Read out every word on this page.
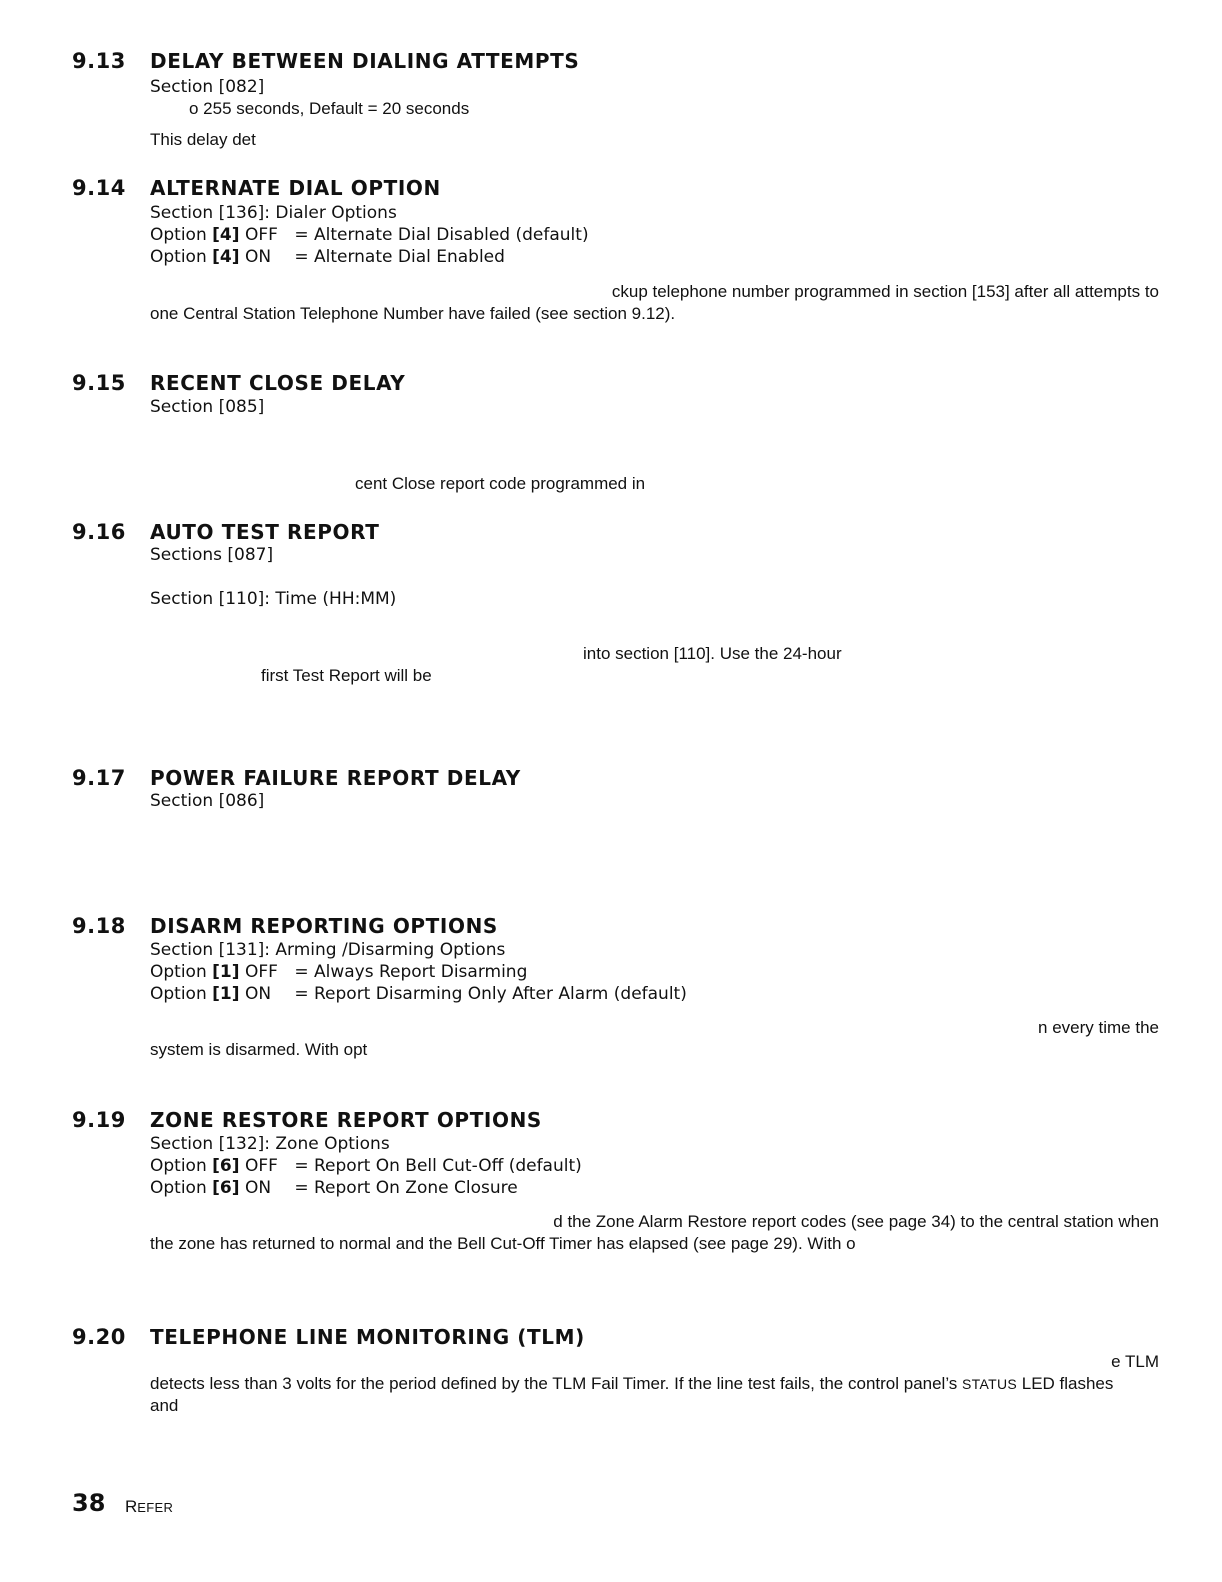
9.13 DELAY BETWEEN DIALING ATTEMPTS
Section [082]
o 255 seconds, Default = 20 seconds
This delay det
9.14 ALTERNATE DIAL OPTION
Section [136]: Dialer Options
Option [4] OFF = Alternate Dial Disabled (default)
Option [4] ON = Alternate Dial Enabled
ckup telephone number programmed in section [153] after all attempts to
one Central Station Telephone Number have failed (see section 9.12).
9.15 RECENT CLOSE DELAY
Section [085]
cent Close report code programmed in
9.16 AUTO TEST REPORT
Sections [087]
Section [110]: Time (HH:MM)
into section [110]. Use the 24-hour
first Test Report will be
9.17 POWER FAILURE REPORT DELAY
Section [086]
9.18 DISARM REPORTING OPTIONS
Section [131]: Arming /Disarming Options
Option [1] OFF = Always Report Disarming
Option [1] ON = Report Disarming Only After Alarm (default)
n every time the
system is disarmed. With opt
9.19 ZONE RESTORE REPORT OPTIONS
Section [132]: Zone Options
Option [6] OFF = Report On Bell Cut-Off (default)
Option [6] ON = Report On Zone Closure
d the Zone Alarm Restore report codes (see page 34) to the central station when
the zone has returned to normal and the Bell Cut-Off Timer has elapsed (see page 29). With o
9.20 TELEPHONE LINE MONITORING (TLM)
e TLM
detects less than 3 volts for the period defined by the TLM Fail Timer. If the line test fails, the control panel’s STATUS LED flashes
and
38 REFER
